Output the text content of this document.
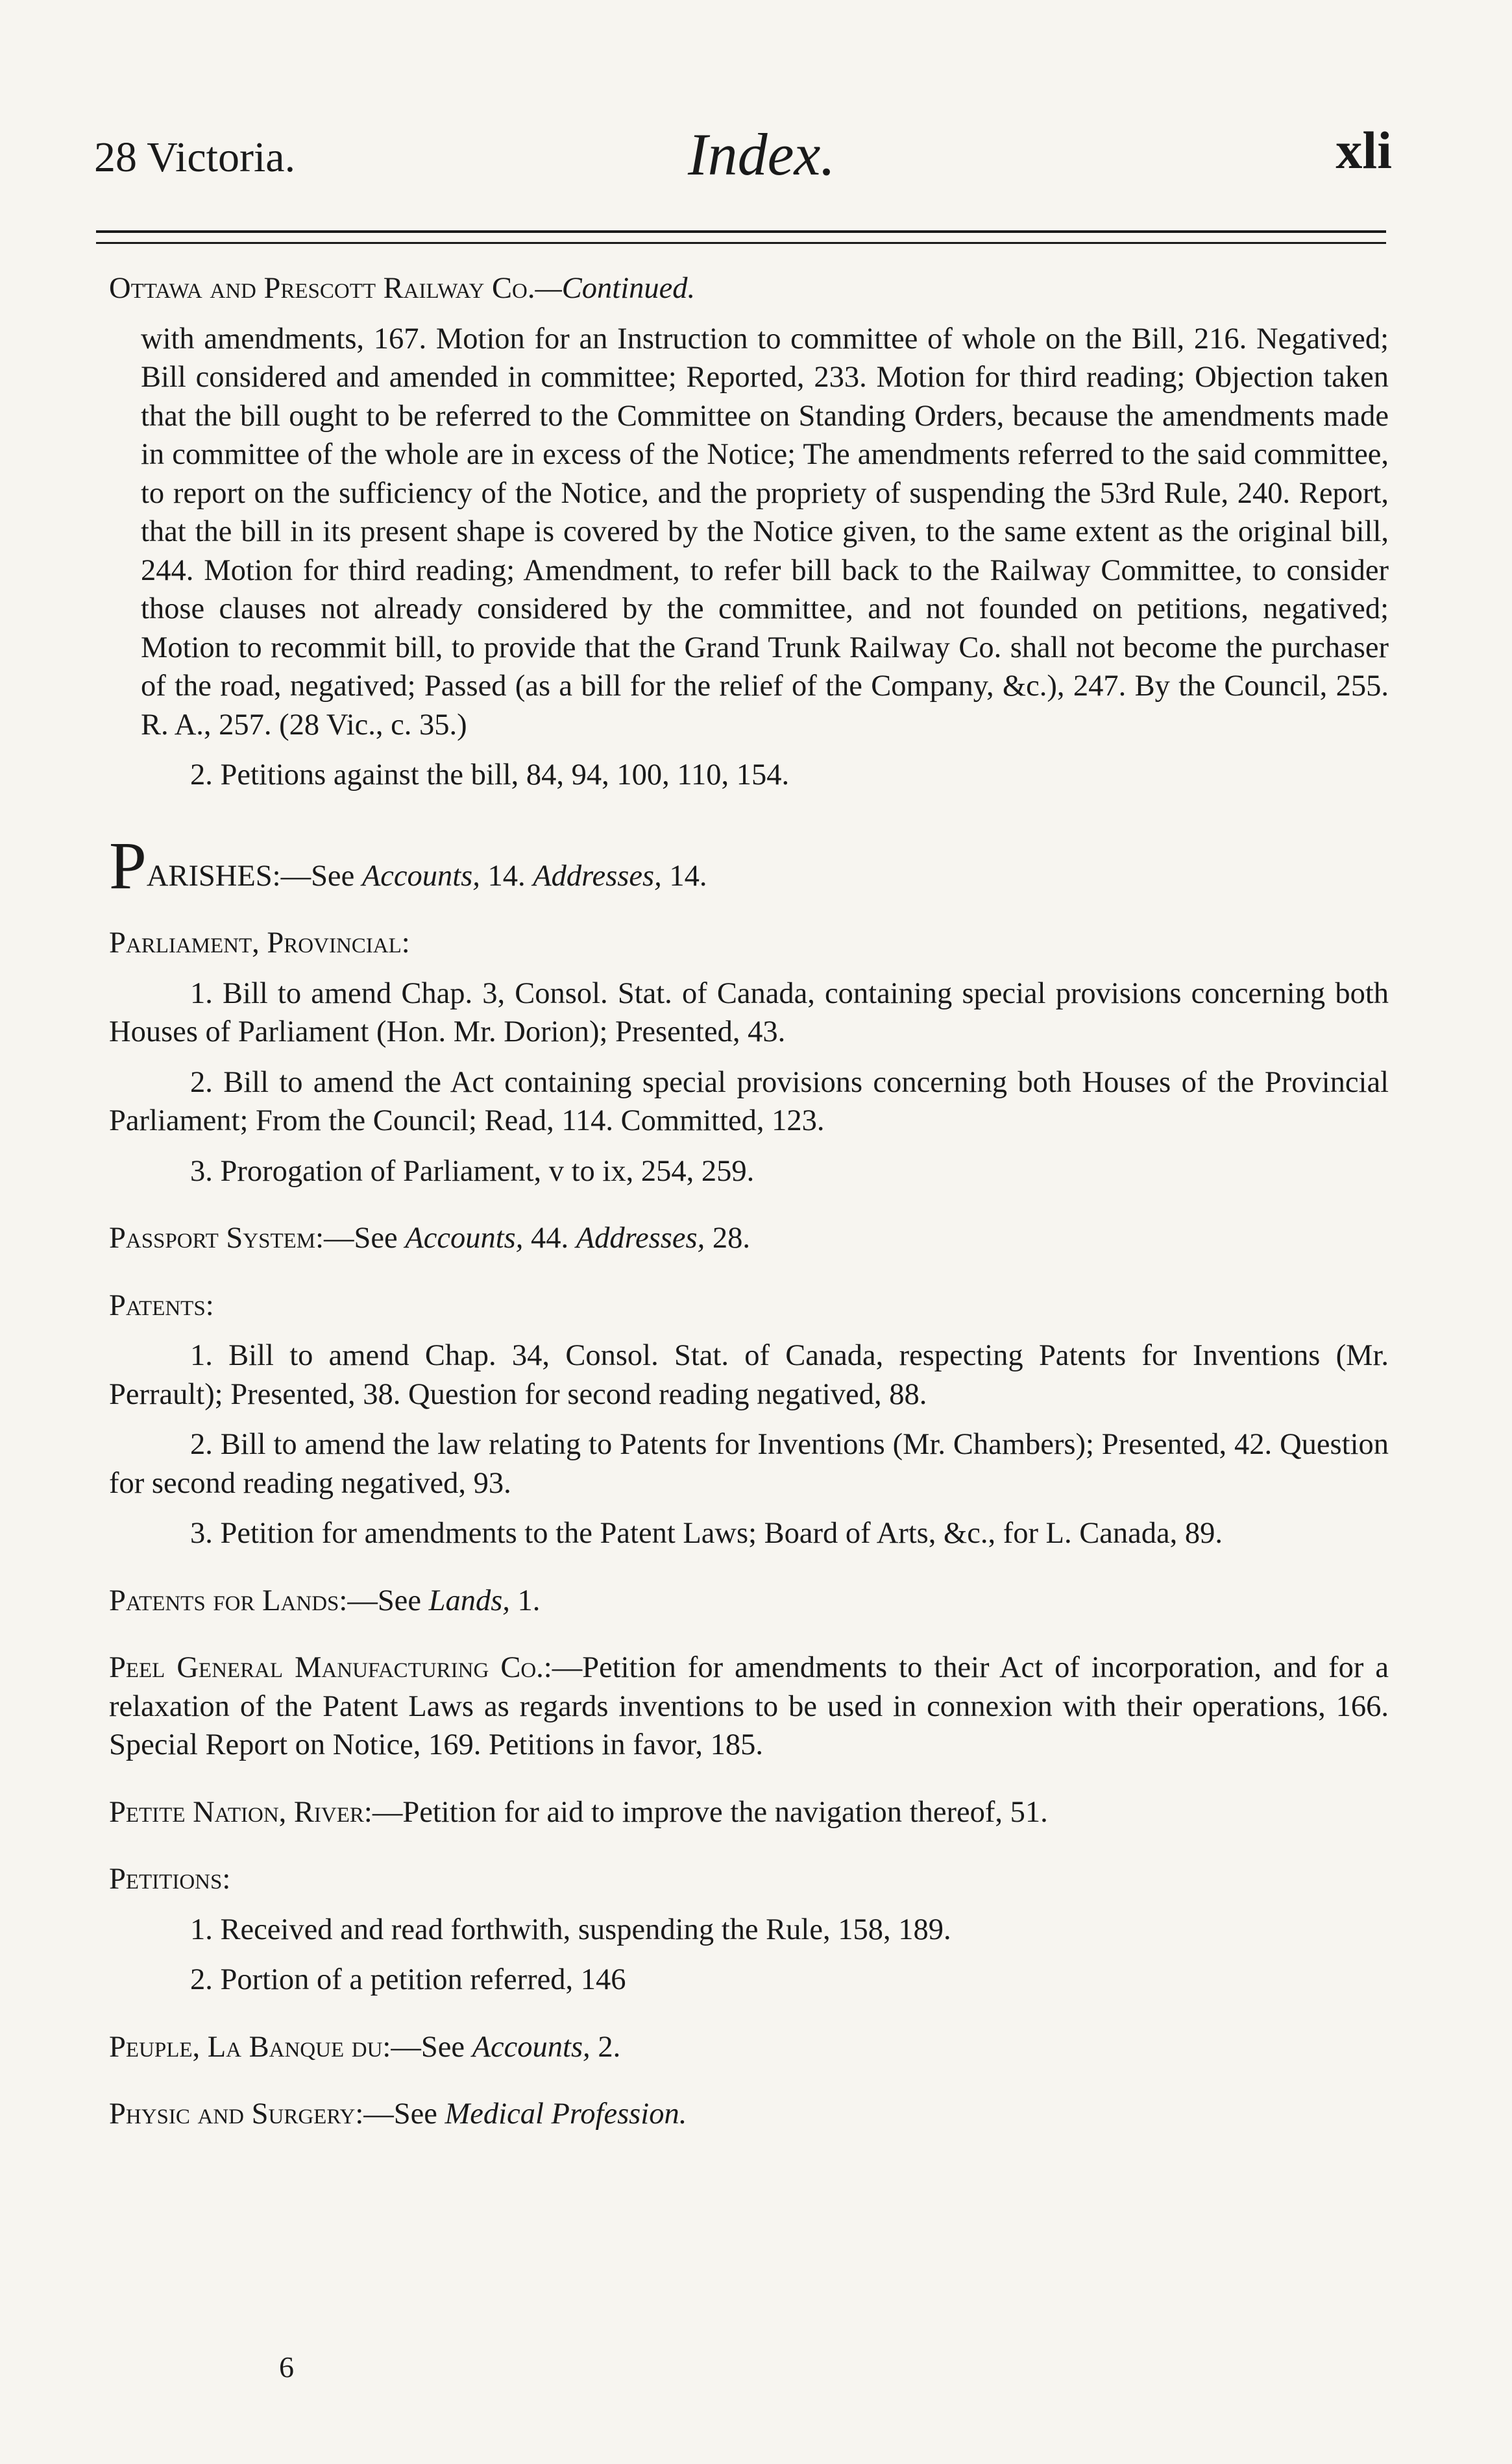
28 Victoria.	Index.	xli

Ottawa and Prescott Railway Co.—Continued.

with amendments, 167. Motion for an Instruction to committee of whole on the Bill, 216. Negatived; Bill considered and amended in committee; Reported, 233. Motion for third reading; Objection taken that the bill ought to be referred to the Committee on Standing Orders, because the amendments made in committee of the whole are in excess of the Notice; The amendments referred to the said committee, to report on the sufficiency of the Notice, and the propriety of suspending the 53rd Rule, 240. Report, that the bill in its present shape is covered by the Notice given, to the same extent as the original bill, 244. Motion for third reading; Amendment, to refer bill back to the Railway Committee, to consider those clauses not already considered by the committee, and not founded on petitions, negatived; Motion to recommit bill, to provide that the Grand Trunk Railway Co. shall not become the purchaser of the road, negatived; Passed (as a bill for the relief of the Company, &c.), 247. By the Council, 255. R. A., 257. (28 Vic., c. 35.)

2. Petitions against the bill, 84, 94, 100, 110, 154.

PARISHES:—See Accounts, 14. Addresses, 14.

Parliament, Provincial:

1. Bill to amend Chap. 3, Consol. Stat. of Canada, containing special provisions concerning both Houses of Parliament (Hon. Mr. Dorion); Presented, 43.

2. Bill to amend the Act containing special provisions concerning both Houses of the Provincial Parliament; From the Council; Read, 114. Committed, 123.

3. Prorogation of Parliament, v to ix, 254, 259.

Passport System:—See Accounts, 44. Addresses, 28.

Patents:

1. Bill to amend Chap. 34, Consol. Stat. of Canada, respecting Patents for Inventions (Mr. Perrault); Presented, 38. Question for second reading negatived, 88.

2. Bill to amend the law relating to Patents for Inventions (Mr. Chambers); Presented, 42. Question for second reading negatived, 93.

3. Petition for amendments to the Patent Laws; Board of Arts, &c., for L. Canada, 89.

Patents for Lands:—See Lands, 1.

Peel General Manufacturing Co.:—Petition for amendments to their Act of incorporation, and for a relaxation of the Patent Laws as regards inventions to be used in connexion with their operations, 166. Special Report on Notice, 169. Petitions in favor, 185.

Petite Nation, River:—Petition for aid to improve the navigation thereof, 51.

Petitions:

1. Received and read forthwith, suspending the Rule, 158, 189.

2. Portion of a petition referred, 146

Peuple, La Banque du:—See Accounts, 2.

Physic and Surgery:—See Medical Profession.

6
